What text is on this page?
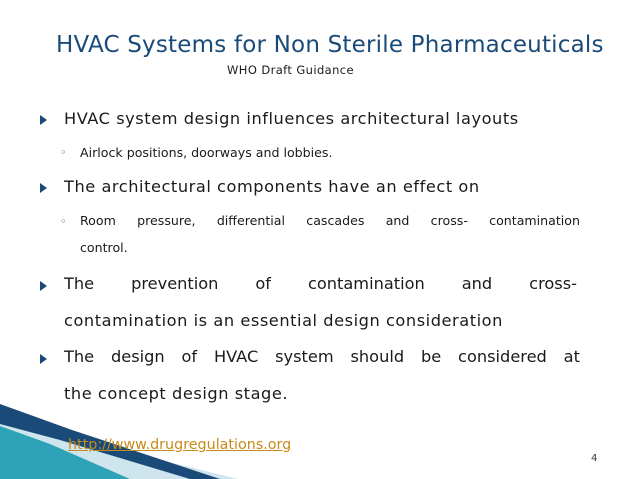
HVAC Systems for Non Sterile Pharmaceuticals
WHO Draft Guidance
HVAC system design influences architectural layouts
◦ Airlock positions, doorways and lobbies.
The architectural components have an effect on
◦ Room pressure, differential cascades and cross- contamination
control.
The prevention of contamination and cross-
contamination is an essential design consideration
The design of HVAC system should be considered at
the concept design stage.
http://www.drugregulations.org
4
